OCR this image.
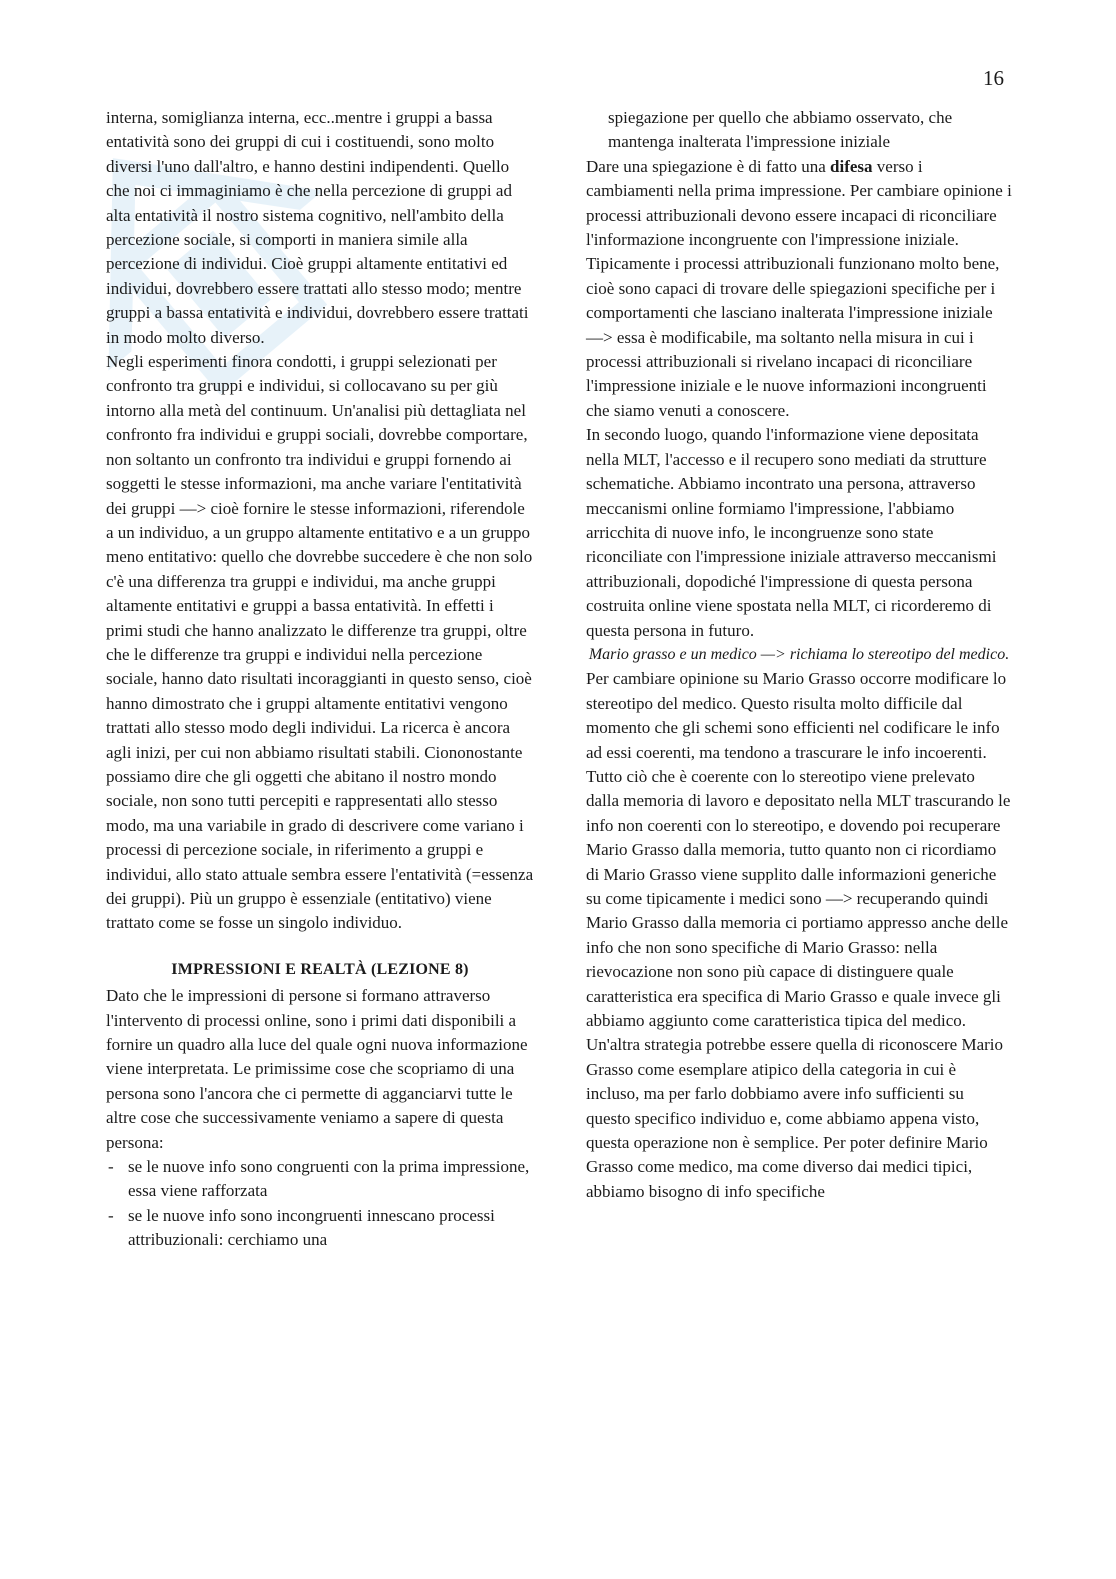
16

interna, somiglianza interna, ecc..mentre i gruppi a bassa entatività sono dei gruppi di cui i costituendi, sono molto diversi l'uno dall'altro, e hanno destini indipendenti. Quello che noi ci immaginiamo è che nella percezione di gruppi ad alta entatività il nostro sistema cognitivo, nell'ambito della percezione sociale, si comporti in maniera simile alla percezione di individui. Cioè gruppi altamente entitativi ed individui, dovrebbero essere trattati allo stesso modo; mentre gruppi a bassa entatività e individui, dovrebbero essere trattati in modo molto diverso.

Negli esperimenti finora condotti, i gruppi selezionati per confronto tra gruppi e individui, si collocavano su per giù intorno alla metà del continuum. Un'analisi più dettagliata nel confronto fra individui e gruppi sociali, dovrebbe comportare, non soltanto un confronto tra individui e gruppi fornendo ai soggetti le stesse informazioni, ma anche variare l'entitatività dei gruppi —> cioè fornire le stesse informazioni, riferendole a un individuo, a un gruppo altamente entitativo e a un gruppo meno entitativo: quello che dovrebbe succedere è che non solo c'è una differenza tra gruppi e individui, ma anche gruppi altamente entitativi e gruppi a bassa entatività. In effetti i primi studi che hanno analizzato le differenze tra gruppi, oltre che le differenze tra gruppi e individui nella percezione sociale, hanno dato risultati incoraggianti in questo senso, cioè hanno dimostrato che i gruppi altamente entitativi vengono trattati allo stesso modo degli individui. La ricerca è ancora agli inizi, per cui non abbiamo risultati stabili. Ciononostante possiamo dire che gli oggetti che abitano il nostro mondo sociale, non sono tutti percepiti e rappresentati allo stesso modo, ma una variabile in grado di descrivere come variano i processi di percezione sociale, in riferimento a gruppi e individui, allo stato attuale sembra essere l'entatività (=essenza dei gruppi). Più un gruppo è essenziale (entitativo) viene trattato come se fosse un singolo individuo.

IMPRESSIONI E REALTÀ (LEZIONE 8)

Dato che le impressioni di persone si formano attraverso l'intervento di processi online, sono i primi dati disponibili a fornire un quadro alla luce del quale ogni nuova informazione viene interpretata. Le primissime cose che scopriamo di una persona sono l'ancora che ci permette di agganciarvi tutte le altre cose che successivamente veniamo a sapere di questa persona:

- se le nuove info sono congruenti con la prima impressione, essa viene rafforzata
- se le nuove info sono incongruenti innescano processi attribuzionali: cerchiamo una

spiegazione per quello che abbiamo osservato, che mantenga inalterata l'impressione iniziale

Dare una spiegazione è di fatto una difesa verso i cambiamenti nella prima impressione. Per cambiare opinione i processi attribuzionali devono essere incapaci di riconciliare l'informazione incongruente con l'impressione iniziale.

Tipicamente i processi attribuzionali funzionano molto bene, cioè sono capaci di trovare delle spiegazioni specifiche per i comportamenti che lasciano inalterata l'impressione iniziale —> essa è modificabile, ma soltanto nella misura in cui i processi attribuzionali si rivelano incapaci di riconciliare l'impressione iniziale e le nuove informazioni incongruenti che siamo venuti a conoscere.

In secondo luogo, quando l'informazione viene depositata nella MLT, l'accesso e il recupero sono mediati da strutture schematiche. Abbiamo incontrato una persona, attraverso meccanismi online formiamo l'impressione, l'abbiamo arricchita di nuove info, le incongruenze sono state riconciliate con l'impressione iniziale attraverso meccanismi attribuzionali, dopodiché l'impressione di questa persona costruita online viene spostata nella MLT, ci ricorderemo di questa persona in futuro.

Mario grasso e un medico —> richiama lo stereotipo del medico.

Per cambiare opinione su Mario Grasso occorre modificare lo stereotipo del medico. Questo risulta molto difficile dal momento che gli schemi sono efficienti nel codificare le info ad essi coerenti, ma tendono a trascurare le info incoerenti. Tutto ciò che è coerente con lo stereotipo viene prelevato dalla memoria di lavoro e depositato nella MLT trascurando le info non coerenti con lo stereotipo, e dovendo poi recuperare Mario Grasso dalla memoria, tutto quanto non ci ricordiamo di Mario Grasso viene supplito dalle informazioni generiche su come tipicamente i medici sono —> recuperando quindi Mario Grasso dalla memoria ci portiamo appresso anche delle info che non sono specifiche di Mario Grasso: nella rievocazione non sono più capace di distinguere quale caratteristica era specifica di Mario Grasso e quale invece gli abbiamo aggiunto come caratteristica tipica del medico.

Un'altra strategia potrebbe essere quella di riconoscere Mario Grasso come esemplare atipico della categoria in cui è incluso, ma per farlo dobbiamo avere info sufficienti su questo specifico individuo e, come abbiamo appena visto, questa operazione non è semplice. Per poter definire Mario Grasso come medico, ma come diverso dai medici tipici, abbiamo bisogno di info specifiche
